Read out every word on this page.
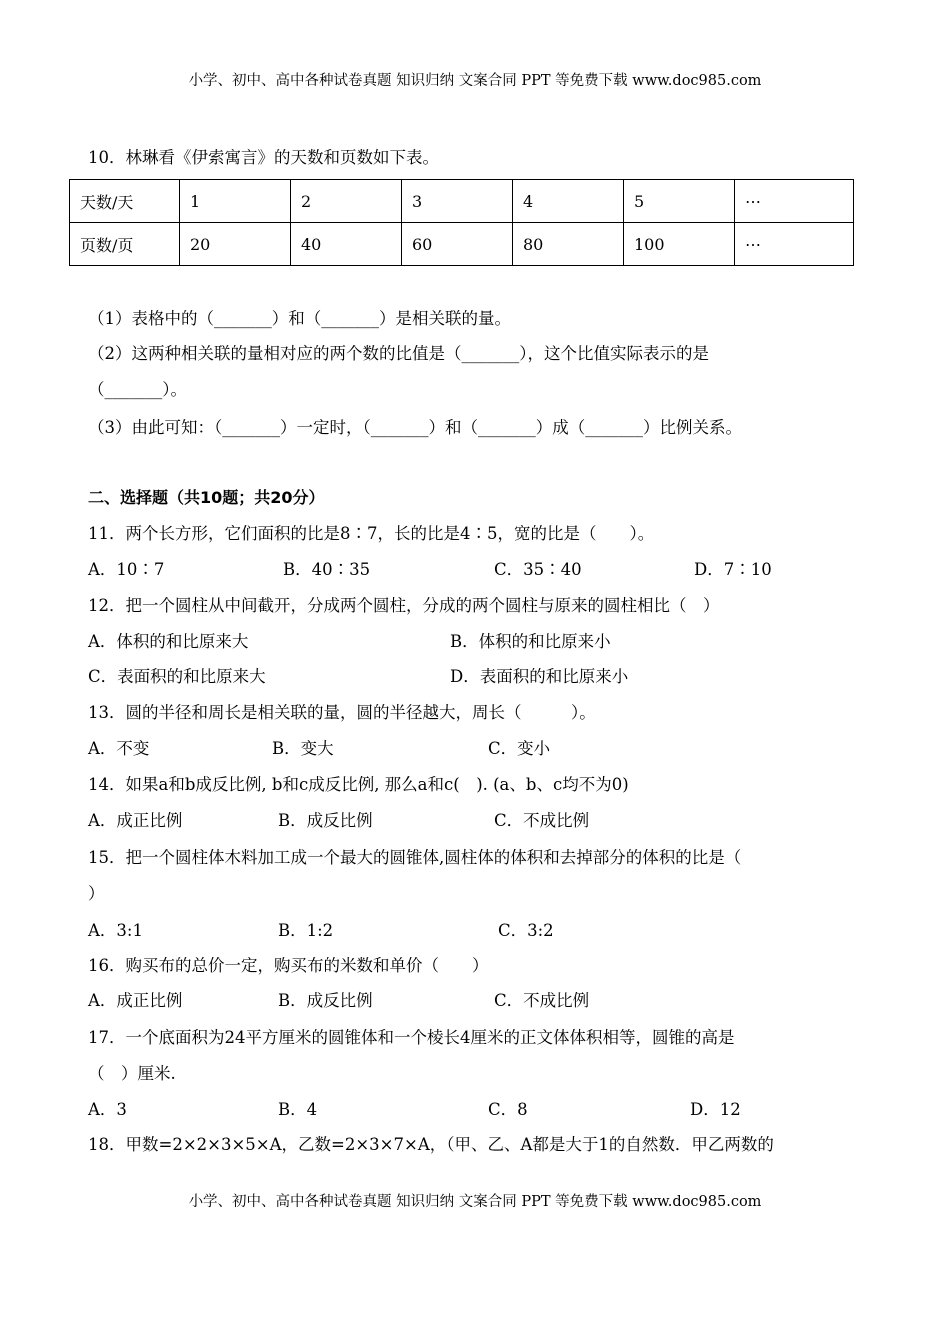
小学、初中、高中各种试卷真题 知识归纳 文案合同 PPT 等免费下载 www.doc985.com
10．林琳看《伊索寓言》的天数和页数如下表。
天数/天	1	2	3	4	5	⋯
页数/页	20	40	60	80	100	⋯
（1）表格中的（_______）和（_______）是相关联的量。
（2）这两种相关联的量相对应的两个数的比值是（_______），这个比值实际表示的是
（_______）。
（3）由此可知：（_______）一定时，（_______）和（_______）成（_______）比例关系。
二、选择题（共10题；共20分）
11．两个长方形，它们面积的比是8∶7，长的比是4∶5，宽的比是（　　）。
A．10∶7	B．40∶35	C．35∶40	D．7∶10
12．把一个圆柱从中间截开，分成两个圆柱，分成的两个圆柱与原来的圆柱相比（　）
A．体积的和比原来大	B．体积的和比原来小
C．表面积的和比原来大	D．表面积的和比原来小
13．圆的半径和周长是相关联的量，圆的半径越大，周长（　　　）。
A．不变	B．变大	C．变小
14．如果a和b成反比例, b和c成反比例, 那么a和c(　). (a、b、c均不为0)
A．成正比例	B．成反比例	C．不成比例
15．把一个圆柱体木料加工成一个最大的圆锥体,圆柱体的体积和去掉部分的体积的比是（
）
A．3:1	B．1:2	C．3:2
16．购买布的总价一定，购买布的米数和单价（　　）
A．成正比例	B．成反比例	C．不成比例
17．一个底面积为24平方厘米的圆锥体和一个棱长4厘米的正文体体积相等，圆锥的高是
（　）厘米.
A．3	B．4	C．8	D．12
18．甲数=2×2×3×5×A，乙数=2×3×7×A，（甲、乙、A都是大于1的自然数．甲乙两数的
小学、初中、高中各种试卷真题 知识归纳 文案合同 PPT 等免费下载 www.doc985.com
